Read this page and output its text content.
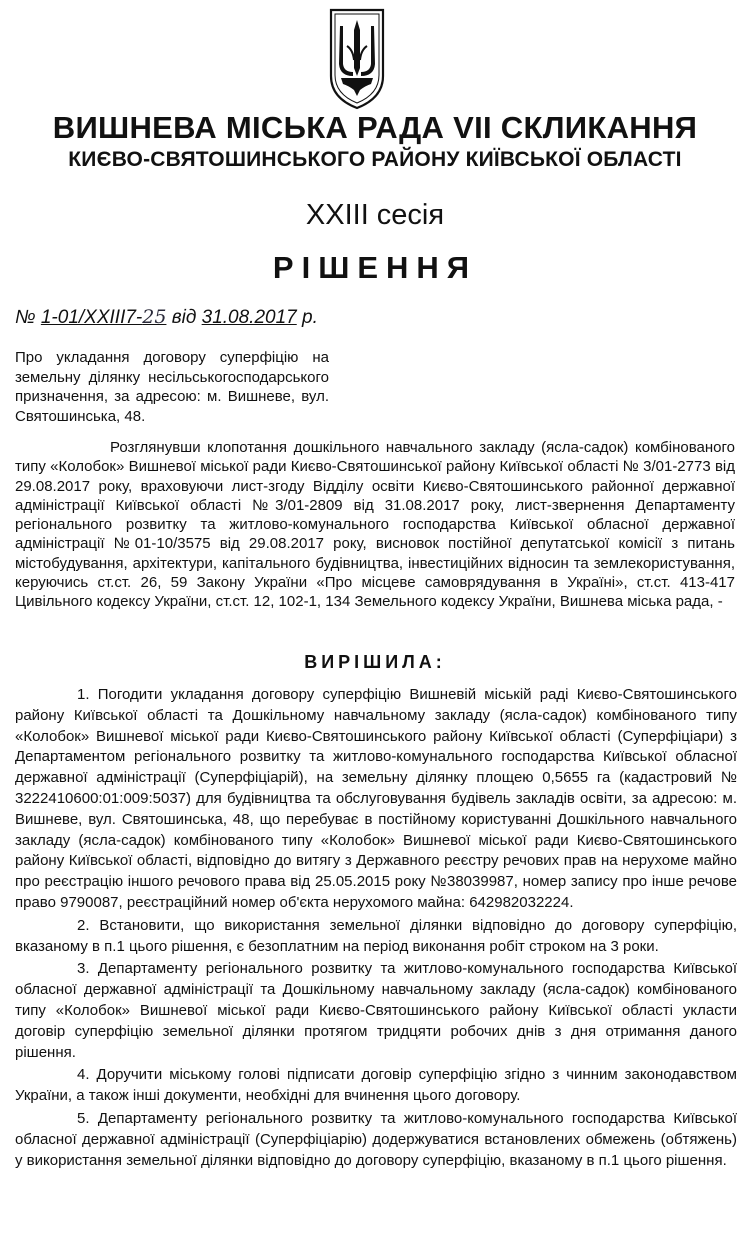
ВИШНЕВА МІСЬКА РАДА VII СКЛИКАННЯ
КИЄВО-СВЯТОШИНСЬКОГО РАЙОНУ КИЇВСЬКОЇ ОБЛАСТІ
XXIII сесія
РІШЕННЯ
№ 1-01/XXIII7-25 від 31.08.2017 р.
Про укладання договору суперфіцію на земельну ділянку несільськогосподарського призначення, за адресою: м. Вишневе, вул. Святошинська, 48.
Розглянувши клопотання дошкільного навчального закладу (ясла-садок) комбінованого типу «Колобок» Вишневої міської ради Києво-Святошинської району Київської області № 3/01-2773 від 29.08.2017 року, враховуючи лист-згоду Відділу освіти Києво-Святошинського районної державної адміністрації Київської області №3/01-2809 від 31.08.2017 року, лист-звернення Департаменту регіонального розвитку та житлово-комунального господарства Київської обласної державної адміністрації №01-10/3575 від 29.08.2017 року, висновок постійної депутатської комісії з питань містобудування, архітектури, капітального будівництва, інвестиційних відносин та землекористування, керуючись ст.ст. 26, 59 Закону України «Про місцеве самоврядування в Україні», ст.ст. 413-417 Цивільного кодексу України, ст.ст. 12, 102-1, 134 Земельного кодексу України, Вишнева міська рада, -
ВИРІШИЛА:

1. Погодити укладання договору суперфіцію Вишневій міській раді Києво-Святошинського району Київської області та Дошкільному навчальному закладу (ясла-садок) комбінованого типу «Колобок» Вишневої міської ради Києво-Святошинського району Київської області (Суперфіціари) з Департаментом регіонального розвитку та житлово-комунального господарства Київської обласної державної адміністрації (Суперфіціарій), на земельну ділянку площею 0,5655 га (кадастровий № 3222410600:01:009:5037) для будівництва та обслуговування будівель закладів освіти, за адресою: м. Вишневе, вул. Святошинська, 48, що перебуває в постійному користуванні Дошкільного навчального закладу (ясла-садок) комбінованого типу «Колобок» Вишневої міської ради Києво-Святошинського району Київської області, відповідно до витягу з Державного реєстру речових прав на нерухоме майно про реєстрацію іншого речового права від 25.05.2015 року №38039987, номер запису про інше речове право 9790087, реєстраційний номер об'єкта нерухомого майна: 642982032224.

2. Встановити, що використання земельної ділянки відповідно до договору суперфіцію, вказаному в п.1 цього рішення, є безоплатним на період виконання робіт строком на 3 роки.

3. Департаменту регіонального розвитку та житлово-комунального господарства Київської обласної державної адміністрації та Дошкільному навчальному закладу (ясла-садок) комбінованого типу «Колобок» Вишневої міської ради Києво-Святошинського району Київської області укласти договір суперфіцію земельної ділянки протягом тридцяти робочих днів з дня отримання даного рішення.

4. Доручити міському голові підписати договір суперфіцію згідно з чинним законодавством України, а також інші документи, необхідні для вчинення цього договору.

5. Департаменту регіонального розвитку та житлово-комунального господарства Київської обласної державної адміністрації (Суперфіціарію) додержуватися встановлених обмежень (обтяжень) у використання земельної ділянки відповідно до договору суперфіцію, вказаному в п.1 цього рішення.
